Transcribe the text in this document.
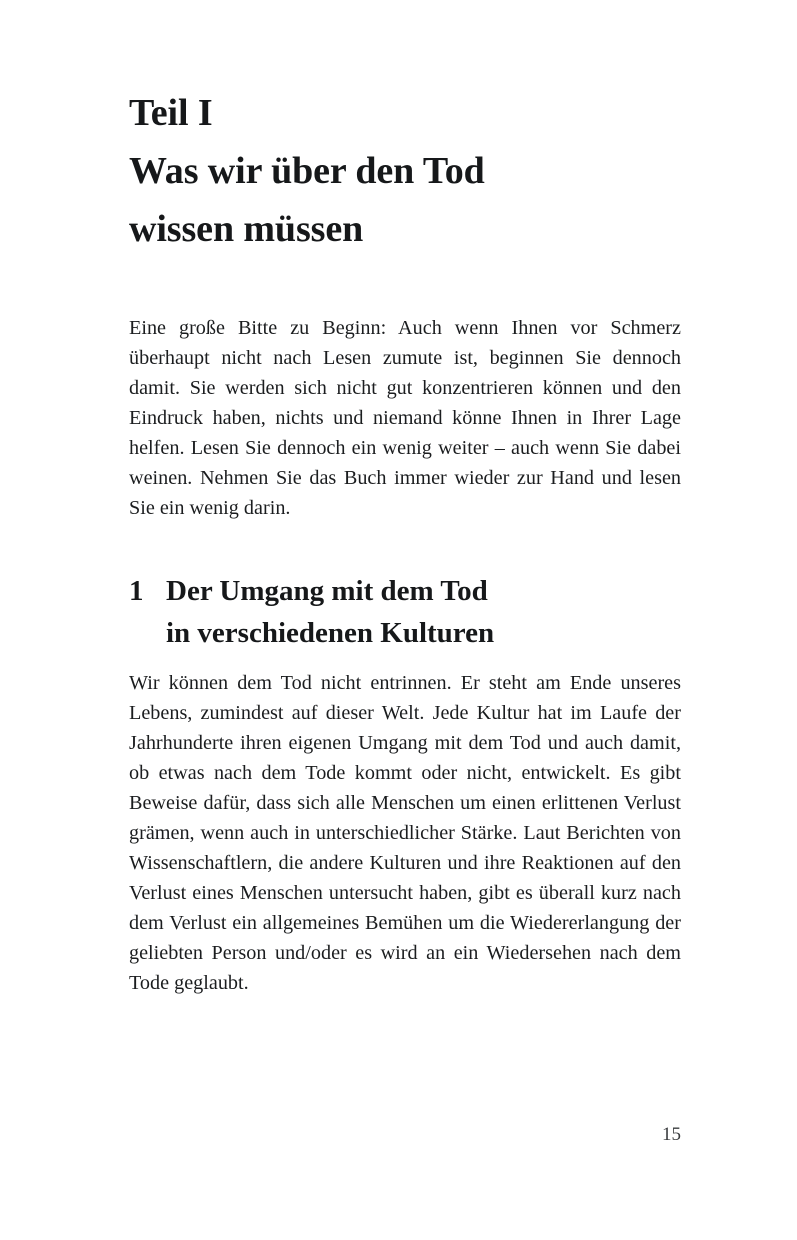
Teil I
Was wir über den Tod
wissen müssen

Eine große Bitte zu Beginn: Auch wenn Ihnen vor Schmerz überhaupt nicht nach Lesen zumute ist, beginnen Sie dennoch damit. Sie werden sich nicht gut konzentrieren können und den Eindruck haben, nichts und niemand könne Ihnen in Ihrer Lage helfen. Lesen Sie dennoch ein wenig weiter – auch wenn Sie dabei weinen. Nehmen Sie das Buch immer wieder zur Hand und lesen Sie ein wenig darin.

1 Der Umgang mit dem Tod
in verschiedenen Kulturen

Wir können dem Tod nicht entrinnen. Er steht am Ende unseres Lebens, zumindest auf dieser Welt. Jede Kultur hat im Laufe der Jahrhunderte ihren eigenen Umgang mit dem Tod und auch damit, ob etwas nach dem Tode kommt oder nicht, entwickelt. Es gibt Beweise dafür, dass sich alle Menschen um einen erlittenen Verlust grämen, wenn auch in unterschiedlicher Stärke. Laut Berichten von Wissenschaftlern, die andere Kulturen und ihre Reaktionen auf den Verlust eines Menschen untersucht haben, gibt es überall kurz nach dem Verlust ein allgemeines Bemühen um die Wiedererlangung der geliebten Person und/oder es wird an ein Wiedersehen nach dem Tode geglaubt.

15
